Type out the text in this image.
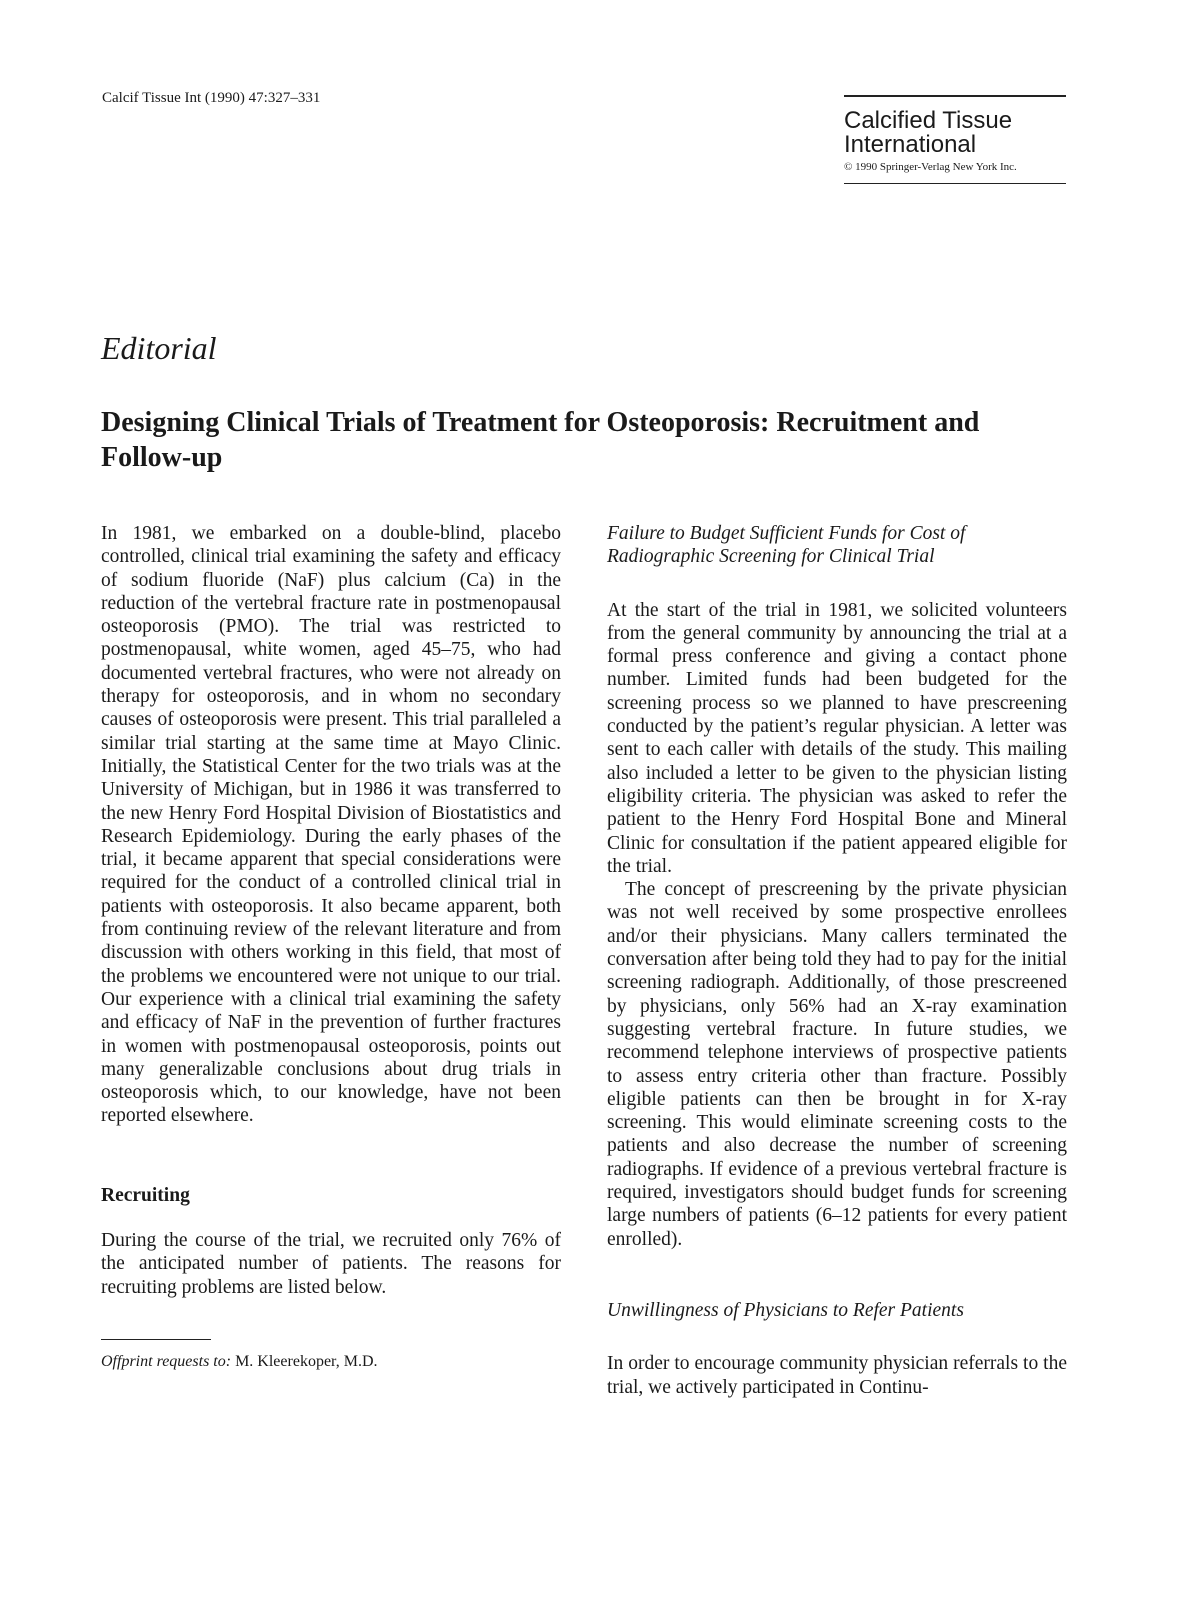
Calcif Tissue Int (1990) 47:327–331
Calcified Tissue
International
© 1990 Springer-Verlag New York Inc.
Editorial
Designing Clinical Trials of Treatment for Osteoporosis: Recruitment and Follow-up

In 1981, we embarked on a double-blind, placebo controlled, clinical trial examining the safety and efficacy of sodium fluoride (NaF) plus calcium (Ca) in the reduction of the vertebral fracture rate in postmenopausal osteoporosis (PMO). The trial was restricted to postmenopausal, white women, aged 45–75, who had documented vertebral fractures, who were not already on therapy for osteoporosis, and in whom no secondary causes of osteoporosis were present. This trial paralleled a similar trial starting at the same time at Mayo Clinic. Initially, the Statistical Center for the two trials was at the University of Michigan, but in 1986 it was transferred to the new Henry Ford Hospital Division of Biostatistics and Research Epidemiology. During the early phases of the trial, it became apparent that special considerations were required for the conduct of a controlled clinical trial in patients with osteoporosis. It also became apparent, both from continuing review of the relevant literature and from discussion with others working in this field, that most of the problems we encountered were not unique to our trial. Our experience with a clinical trial examining the safety and efficacy of NaF in the prevention of further fractures in women with postmenopausal osteoporosis, points out many generalizable conclusions about drug trials in osteoporosis which, to our knowledge, have not been reported elsewhere.

Recruiting

During the course of the trial, we recruited only 76% of the anticipated number of patients. The reasons for recruiting problems are listed below.

Offprint requests to: M. Kleerekoper, M.D.

Failure to Budget Sufficient Funds for Cost of Radiographic Screening for Clinical Trial

At the start of the trial in 1981, we solicited volunteers from the general community by announcing the trial at a formal press conference and giving a contact phone number. Limited funds had been budgeted for the screening process so we planned to have prescreening conducted by the patient’s regular physician. A letter was sent to each caller with details of the study. This mailing also included a letter to be given to the physician listing eligibility criteria. The physician was asked to refer the patient to the Henry Ford Hospital Bone and Mineral Clinic for consultation if the patient appeared eligible for the trial.

The concept of prescreening by the private physician was not well received by some prospective enrollees and/or their physicians. Many callers terminated the conversation after being told they had to pay for the initial screening radiograph. Additionally, of those prescreened by physicians, only 56% had an X-ray examination suggesting vertebral fracture. In future studies, we recommend telephone interviews of prospective patients to assess entry criteria other than fracture. Possibly eligible patients can then be brought in for X-ray screening. This would eliminate screening costs to the patients and also decrease the number of screening radiographs. If evidence of a previous vertebral fracture is required, investigators should budget funds for screening large numbers of patients (6–12 patients for every patient enrolled).

Unwillingness of Physicians to Refer Patients

In order to encourage community physician referrals to the trial, we actively participated in Continu-
